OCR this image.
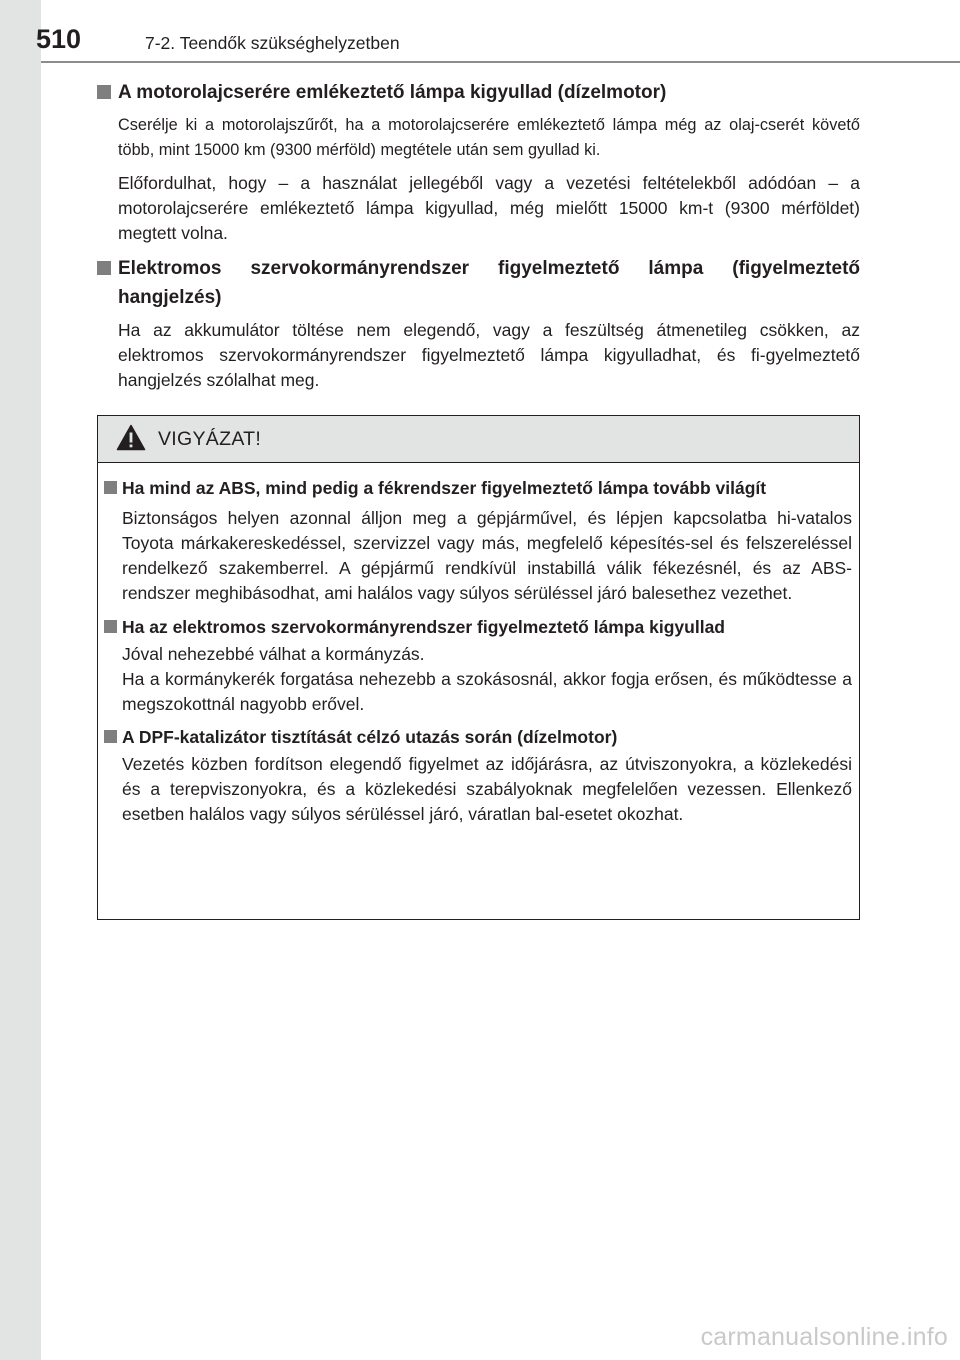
510	7-2. Teendők szükséghelyzetben
A motorolajcserére emlékeztető lámpa kigyullad (dízelmotor)
Cserélje ki a motorolajszűrőt, ha a motorolajcserére emlékeztető lámpa még az olaj-cserét követő több, mint 15000 km (9300 mérföld) megtétele után sem gyullad ki.
Előfordulhat, hogy – a használat jellegéből vagy a vezetési feltételekből adódóan – a motorolajcserére emlékeztető lámpa kigyullad, még mielőtt 15000 km-t (9300 mérföldet) megtett volna.
Elektromos szervokormányrendszer figyelmeztető lámpa (figyelmeztető hangjelzés)
Ha az akkumulátor töltése nem elegendő, vagy a feszültség átmenetileg csökken, az elektromos szervokormányrendszer figyelmeztető lámpa kigyulladhat, és fi-gyelmeztető hangjelzés szólalhat meg.
VIGYÁZAT!
Ha mind az ABS, mind pedig a fékrendszer figyelmeztető lámpa tovább világít
Biztonságos helyen azonnal álljon meg a gépjárművel, és lépjen kapcsolatba hi-vatalos Toyota márkakereskedéssel, szervizzel vagy más, megfelelő képesítés-sel és felszereléssel rendelkező szakemberrel. A gépjármű rendkívül instabillá válik fékezésnél, és az ABS-rendszer meghibásodhat, ami halálos vagy súlyos sérüléssel járó balesethez vezethet.
Ha az elektromos szervokormányrendszer figyelmeztető lámpa kigyullad
Jóval nehezebbé válhat a kormányzás.
Ha a kormánykerék forgatása nehezebb a szokásosnál, akkor fogja erősen, és működtesse a megszokottnál nagyobb erővel.
A DPF-katalizátor tisztítását célzó utazás során (dízelmotor)
Vezetés közben fordítson elegendő figyelmet az időjárásra, az útviszonyokra, a közlekedési és a terepviszonyokra, és a közlekedési szabályoknak megfelelően vezessen. Ellenkező esetben halálos vagy súlyos sérüléssel járó, váratlan bal-esetet okozhat.
carmanualsonline.info
